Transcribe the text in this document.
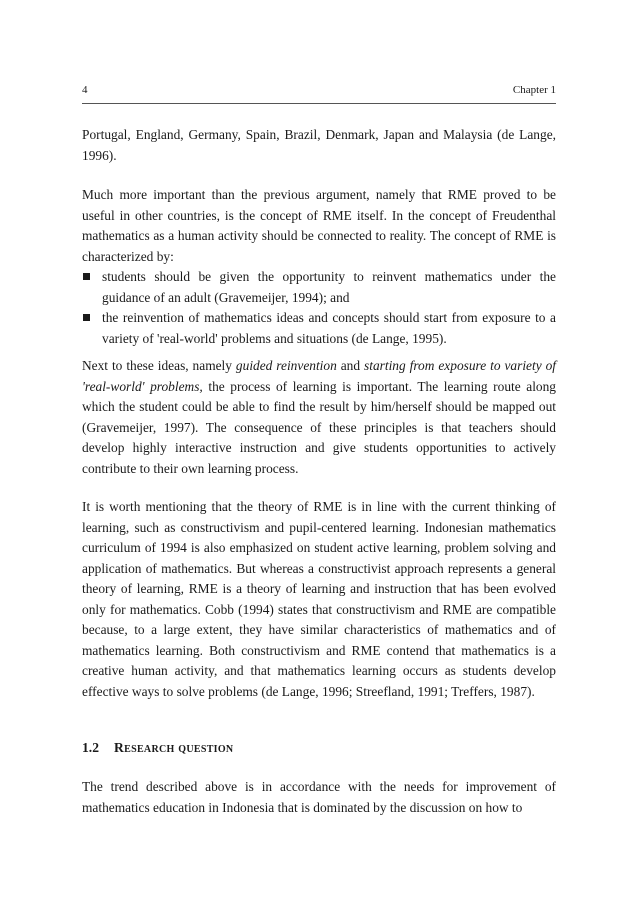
4	Chapter 1

Portugal, England, Germany, Spain, Brazil, Denmark, Japan and Malaysia (de Lange, 1996).

Much more important than the previous argument, namely that RME proved to be useful in other countries, is the concept of RME itself. In the concept of Freudenthal mathematics as a human activity should be connected to reality. The concept of RME is characterized by:

students should be given the opportunity to reinvent mathematics under the guidance of an adult (Gravemeijer, 1994); and
the reinvention of mathematics ideas and concepts should start from exposure to a variety of 'real-world' problems and situations (de Lange, 1995).

Next to these ideas, namely guided reinvention and starting from exposure to variety of 'real-world' problems, the process of learning is important. The learning route along which the student could be able to find the result by him/herself should be mapped out (Gravemeijer, 1997). The consequence of these principles is that teachers should develop highly interactive instruction and give students opportunities to actively contribute to their own learning process.

It is worth mentioning that the theory of RME is in line with the current thinking of learning, such as constructivism and pupil-centered learning. Indonesian mathematics curriculum of 1994 is also emphasized on student active learning, problem solving and application of mathematics. But whereas a constructivist approach represents a general theory of learning, RME is a theory of learning and instruction that has been evolved only for mathematics. Cobb (1994) states that constructivism and RME are compatible because, to a large extent, they have similar characteristics of mathematics and of mathematics learning. Both constructivism and RME contend that mathematics is a creative human activity, and that mathematics learning occurs as students develop effective ways to solve problems (de Lange, 1996; Streefland, 1991; Treffers, 1987).

1.2 Research question

The trend described above is in accordance with the needs for improvement of mathematics education in Indonesia that is dominated by the discussion on how to
